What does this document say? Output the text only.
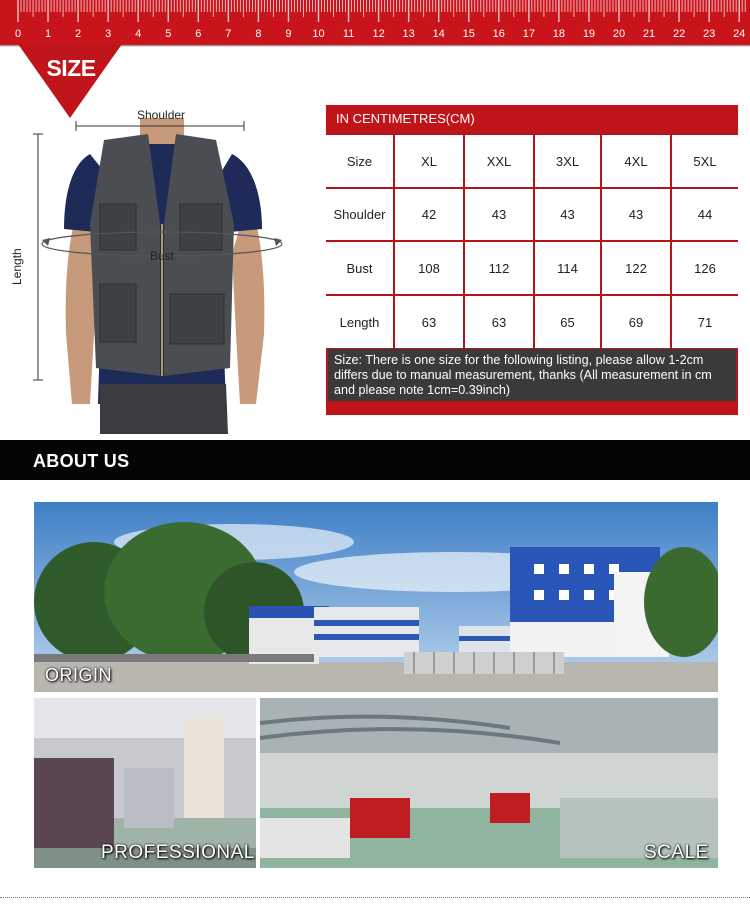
0 1 2 3 4 5 6 7 8 9 10 11 12 13 14 15 16 17 18 19 20 21 22 23 24
SIZE
Shoulder
Length	Bust
IN CENTIMETRES(CM)
Size	XL	XXL	3XL	4XL	5XL
Shoulder	42	43	43	43	44
Bust	108	112	114	122	126
Length	63	63	65	69	71
Size: There is one size for the following listing, please allow 1-2cm differs due to manual measurement, thanks (All measurement in cm and please note 1cm=0.39inch)
ABOUT US
ORIGIN
PROFESSIONAL	SCALE
